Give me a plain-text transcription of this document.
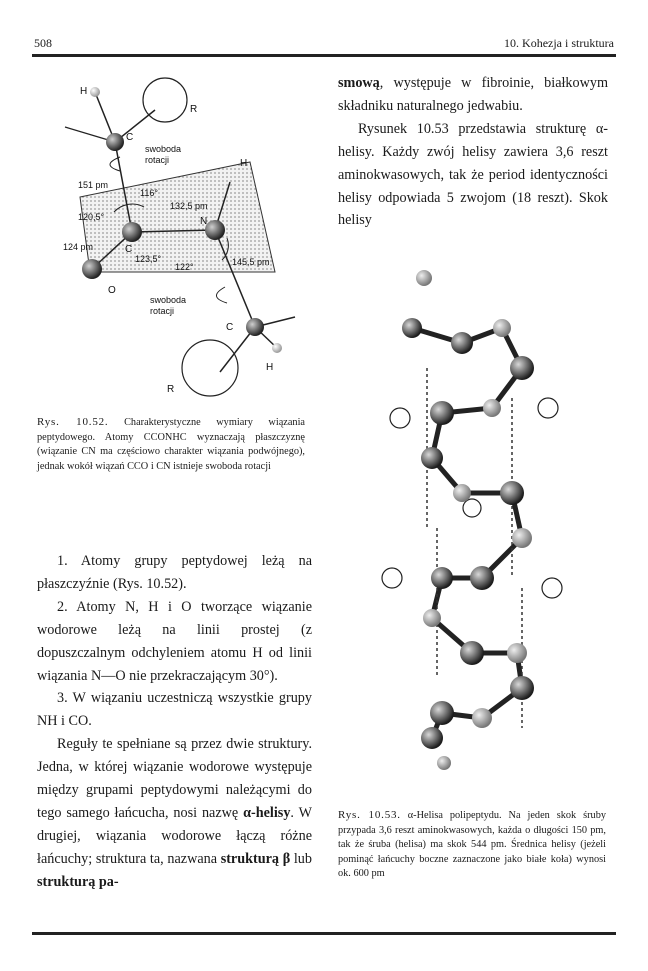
508	10. Kohezja i struktura
H
R
C
swoboda
rotacji	H
151 pm
116°
132,5 pm
N
120,5°
C
124 pm
123,5°
122°	145,5 pm
O
swoboda
rotacji
C
H
R
Rys. 10.52. Charakterystyczne wymiary wiązania peptydowego. Atomy CCONHC wyznaczają płaszczyznę (wiązanie CN ma częściowo charakter wiązania podwójnego), jednak wokół wiązań CCO i CN istnieje swoboda rotacji

1. Atomy grupy peptydowej leżą na płaszczyźnie (Rys. 10.52).

2. Atomy N, H i O tworzące wiązanie wodorowe leżą na linii prostej (z dopuszczalnym odchyleniem atomu H od linii wiązania N—O nie przekraczającym 30°).

3. W wiązaniu uczestniczą wszystkie grupy NH i CO.

Reguły te spełniane są przez dwie struktury. Jedna, w której wiązanie wodorowe występuje między grupami peptydowymi należącymi do tego samego łańcucha, nosi nazwę α-helisy. W drugiej, wiązania wodorowe łączą różne łańcuchy; struktura ta, nazwana strukturą β lub strukturą pa-

smową, występuje w fibroinie, białkowym składniku naturalnego jedwabiu.

Rysunek 10.53 przedstawia strukturę α-helisy. Każdy zwój helisy zawiera 3,6 reszt aminokwasowych, tak że period identyczności helisy odpowiada 5 zwojom (18 reszt). Skok helisy

Rys. 10.53. α-Helisa polipeptydu. Na jeden skok śruby przypada 3,6 reszt aminokwasowych, każda o długości 150 pm, tak że śruba (helisa) ma skok 544 pm. Średnica helisy (jeżeli pominąć łańcuchy boczne zaznaczone jako białe koła) wynosi ok. 600 pm
